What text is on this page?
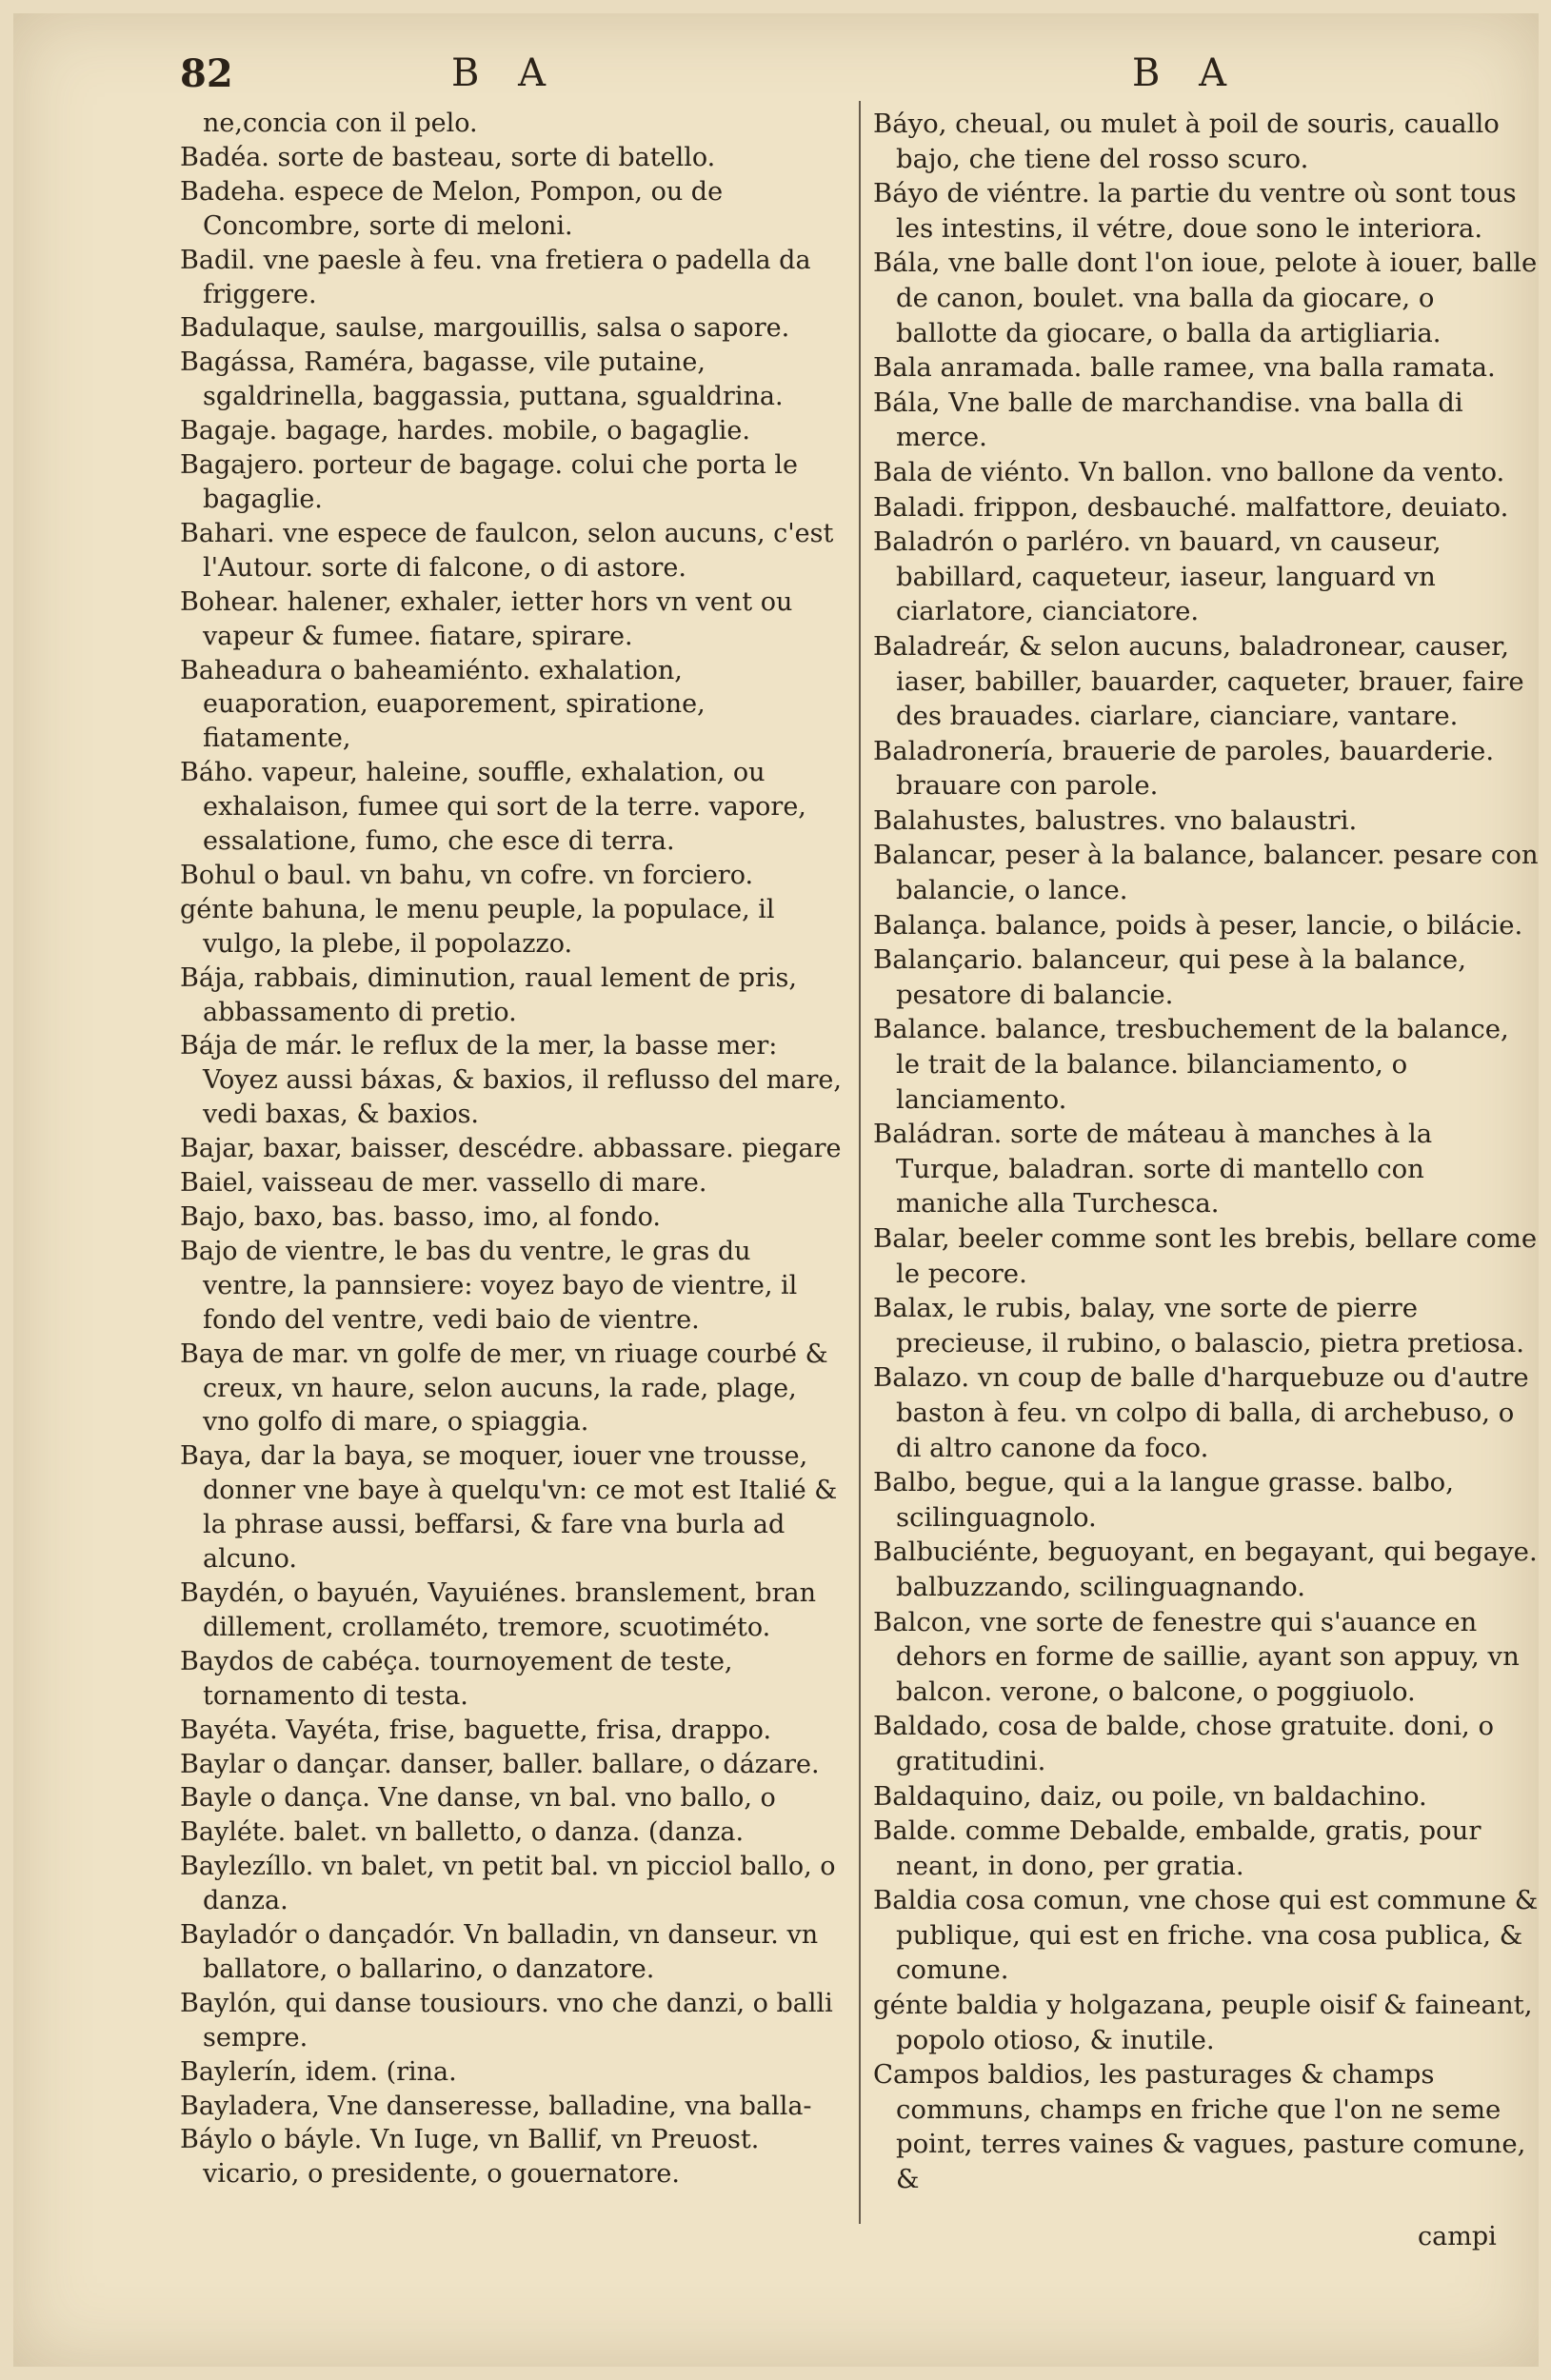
82	B A	B A
ne,concia con il pelo.
Badéa. sorte de basteau, sorte di batello.
Badeha. espece de Melon, Pompon, ou de Concombre, sorte di meloni.
Badil. vne paesle à feu. vna fretiera o padella da friggere.
Badulaque, saulse, margouillis, salsa o sapore.
Bagássa, Raméra, bagasse, vile putaine, sgaldrinella, baggassia, puttana, sgualdrina.
Bagaje. bagage, hardes. mobile, o bagaglie.
Bagajero. porteur de bagage. colui che porta le bagaglie.
Bahari. vne espece de faulcon, selon aucuns, c'est l'Autour. sorte di falcone, o di astore.
Bohear. halener, exhaler, ietter hors vn vent ou vapeur & fumee. fiatare, spirare.
Baheadura o baheamiénto. exhalation, euaporation, euaporement, spiratione, fiatamente,
Báho. vapeur, haleine, souffle, exhalation, ou exhalaison, fumee qui sort de la terre. vapore, essalatione, fumo, che esce di terra.
Bohul o baul. vn bahu, vn cofre. vn forciero.
génte bahuna, le menu peuple, la populace, il vulgo, la plebe, il popolazzo.
Bája, rabbais, diminution, raual lement de pris, abbassamento di pretio.
Bája de már. le reflux de la mer, la basse mer: Voyez aussi báxas, & baxios, il reflusso del mare, vedi baxas, & baxios.
Bajar, baxar, baisser, descédre. abbassare. piegare
Baiel, vaisseau de mer. vassello di mare.
Bajo, baxo, bas. basso, imo, al fondo.
Bajo de vientre, le bas du ventre, le gras du ventre, la pannsiere: voyez bayo de vientre, il fondo del ventre, vedi baio de vientre.
Baya de mar. vn golfe de mer, vn riuage courbé & creux, vn haure, selon aucuns, la rade, plage, vno golfo di mare, o spiaggia.
Baya, dar la baya, se moquer, iouer vne trousse, donner vne baye à quelqu'vn: ce mot est Italié & la phrase aussi, beffarsi, & fare vna burla ad alcuno.
Baydén, o bayuén, Vayuiénes. branslement, bran dillement, crollaméto, tremore, scuotiméto.
Baydos de cabéça. tournoyement de teste, tornamento di testa.
Bayéta. Vayéta, frise, baguette, frisa, drappo.
Baylar o dançar. danser, baller. ballare, o dázare.
Bayle o dança. Vne danse, vn bal. vno ballo, o
Bayléte. balet. vn balletto, o danza. (danza.
Baylezíllo. vn balet, vn petit bal. vn picciol ballo, o danza.
Bayladór o dançadór. Vn balladin, vn danseur. vn ballatore, o ballarino, o danzatore.
Baylón, qui danse tousiours. vno che danzi, o balli sempre.
Baylerín, idem. (rina.
Bayladera, Vne danseresse, balladine, vna balla-
Báylo o báyle. Vn Iuge, vn Ballif, vn Preuost. vicario, o presidente, o gouernatore.
Báyo, cheual, ou mulet à poil de souris, cauallo bajo, che tiene del rosso scuro.
Báyo de viéntre. la partie du ventre où sont tous les intestins, il vétre, doue sono le interiora.
Bála, vne balle dont l'on ioue, pelote à iouer, balle de canon, boulet. vna balla da giocare, o ballotte da giocare, o balla da artigliaria.
Bala anramada. balle ramee, vna balla ramata.
Bála, Vne balle de marchandise. vna balla di merce.
Bala de viénto. Vn ballon. vno ballone da vento.
Baladi. frippon, desbauché. malfattore, deuiato.
Baladrón o parléro. vn bauard, vn causeur, babillard, caqueteur, iaseur, languard vn ciarlatore, cianciatore.
Baladreár, & selon aucuns, baladronear, causer, iaser, babiller, bauarder, caqueter, brauer, faire des brauades. ciarlare, cianciare, vantare.
Baladronería, brauerie de paroles, bauarderie. brauare con parole.
Balahustes, balustres. vno balaustri.
Balancar, peser à la balance, balancer. pesare con balancie, o lance.
Balança. balance, poids à peser, lancie, o bilácie.
Balançario. balanceur, qui pese à la balance, pesatore di balancie.
Balance. balance, tresbuchement de la balance, le trait de la balance. bilanciamento, o lanciamento.
Baládran. sorte de máteau à manches à la Turque, baladran. sorte di mantello con maniche alla Turchesca.
Balar, beeler comme sont les brebis, bellare come le pecore.
Balax, le rubis, balay, vne sorte de pierre precieuse, il rubino, o balascio, pietra pretiosa.
Balazo. vn coup de balle d'harquebuze ou d'autre baston à feu. vn colpo di balla, di archebuso, o di altro canone da foco.
Balbo, begue, qui a la langue grasse. balbo, scilinguagnolo.
Balbuciénte, beguoyant, en begayant, qui begaye. balbuzzando, scilinguagnando.
Balcon, vne sorte de fenestre qui s'auance en dehors en forme de saillie, ayant son appuy, vn balcon. verone, o balcone, o poggiuolo.
Baldado, cosa de balde, chose gratuite. doni, o gratitudini.
Baldaquino, daiz, ou poile, vn baldachino.
Balde. comme Debalde, embalde, gratis, pour neant, in dono, per gratia.
Baldia cosa comun, vne chose qui est commune & publique, qui est en friche. vna cosa publica, & comune.
génte baldia y holgazana, peuple oisif & faineant, popolo otioso, & inutile.
Campos baldios, les pasturages & champs communs, champs en friche que l'on ne seme point, terres vaines & vagues, pasture comune, &
campi
